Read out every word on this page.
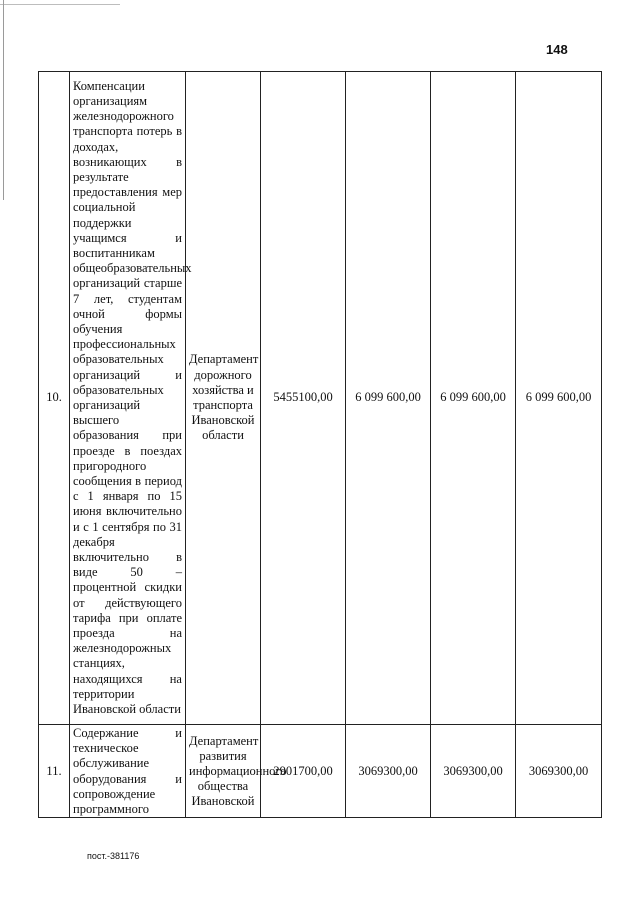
148
10.	Компенсации организациям железнодорожного транспорта потерь в доходах, возникающих в результате предоставления мер социальной поддержки учащимся и воспитанникам общеобразовательных организаций старше 7 лет, студентам очной формы обучения профессиональных образовательных организаций и образовательных организаций высшего образования при проезде в поездах пригородного сообщения в период с 1 января по 15 июня включительно и с 1 сентября по 31 декабря включительно в виде 50 – процентной скидки от действующего тарифа при оплате проезда на железнодорожных станциях, находящихся на территории Ивановской области	Департамент дорожного хозяйства и транспорта Ивановской области	5455100,00	6 099 600,00	6 099 600,00	6 099 600,00
11.	Содержание и техническое обслуживание оборудования и сопровождение программного	Департамент развития информационного общества Ивановской	2901700,00	3069300,00	3069300,00	3069300,00
пост.-381176
